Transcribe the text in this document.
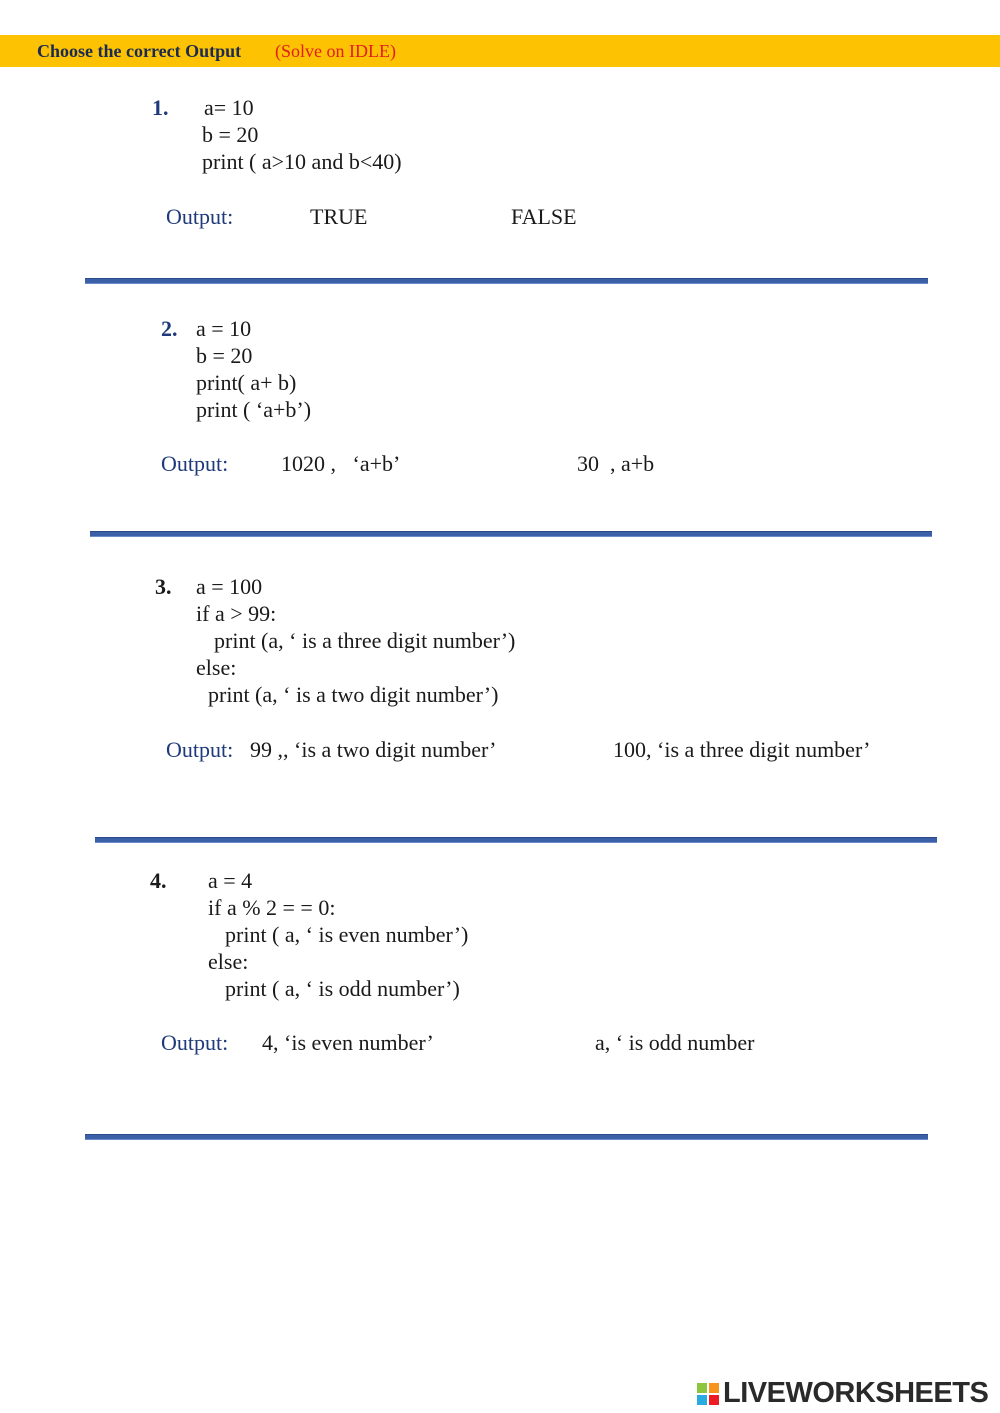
Choose the correct Output (Solve on IDLE)
1. a= 10
b = 20
print ( a>10 and b<40)
Output:	TRUE	FALSE
2. a = 10
b = 20
print( a+ b)
print ( ‘a+b’)
Output: 1020 ,   ‘a+b’	30  , a+b
3. a = 100
if a > 99:
print (a, ‘ is a three digit number’)
else:
print (a, ‘ is a two digit number’)
Output: 99 ,, ‘is a two digit number’	100, ‘is a three digit number’
4. a = 4
if a % 2 = = 0:
print ( a, ‘ is even number’)
else:
print ( a, ‘ is odd number’)
Output: 4, ‘is even number’	a, ‘ is odd number
LIVEWORKSHEETS
